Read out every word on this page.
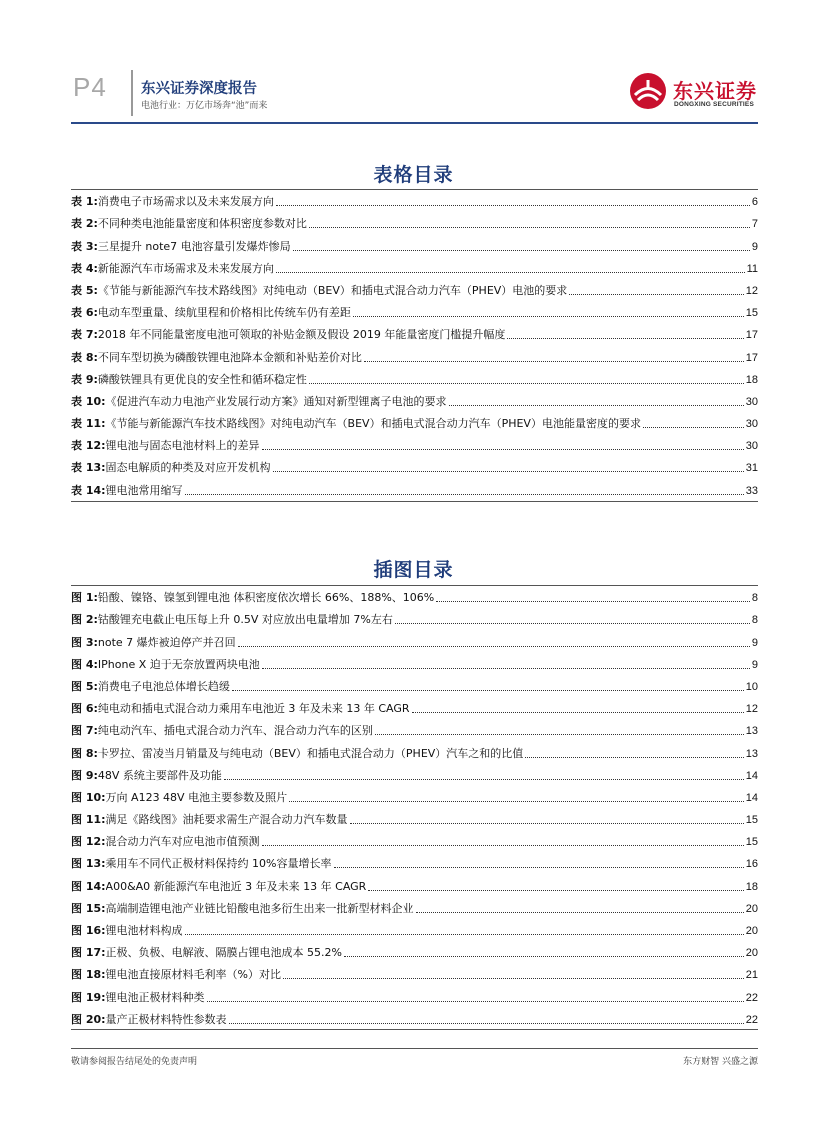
P4 东兴证券深度报告
电池行业：万亿市场奔“池”而来
东兴证券
DONGXING SECURITIES
表格目录
表 1: 消费电子市场需求以及未来发展方向	6
表 2: 不同种类电池能量密度和体积密度参数对比	7
表 3: 三星提升 note7 电池容量引发爆炸惨局	9
表 4: 新能源汽车市场需求及未来发展方向	11
表 5: 《节能与新能源汽车技术路线图》对纯电动（BEV）和插电式混合动力汽车（PHEV）电池的要求	12
表 6: 电动车型重量、续航里程和价格相比传统车仍有差距	15
表 7: 2018 年不同能量密度电池可领取的补贴金额及假设 2019 年能量密度门槛提升幅度	17
表 8: 不同车型切换为磷酸铁锂电池降本金额和补贴差价对比	17
表 9: 磷酸铁锂具有更优良的安全性和循环稳定性	18
表 10: 《促进汽车动力电池产业发展行动方案》通知对新型锂离子电池的要求	30
表 11: 《节能与新能源汽车技术路线图》对纯电动汽车（BEV）和插电式混合动力汽车（PHEV）电池能量密度的要求	30
表 12: 锂电池与固态电池材料上的差异	30
表 13: 固态电解质的种类及对应开发机构	31
表 14: 锂电池常用缩写	33
插图目录
图 1: 铅酸、镍铬、镍氢到锂电池 体积密度依次增长 66%、188%、106%	8
图 2: 钴酸锂充电截止电压每上升 0.5V 对应放出电量增加 7%左右	8
图 3: note 7 爆炸被迫停产并召回	9
图 4: IPhone X 迫于无奈放置两块电池	9
图 5: 消费电子电池总体增长趋缓	10
图 6: 纯电动和插电式混合动力乘用车电池近 3 年及未来 13 年 CAGR	12
图 7: 纯电动汽车、插电式混合动力汽车、混合动力汽车的区别	13
图 8: 卡罗拉、雷凌当月销量及与纯电动（BEV）和插电式混合动力（PHEV）汽车之和的比值	13
图 9: 48V 系统主要部件及功能	14
图 10: 万向 A123 48V 电池主要参数及照片	14
图 11: 满足《路线图》油耗要求需生产混合动力汽车数量	15
图 12: 混合动力汽车对应电池市值预测	15
图 13: 乘用车不同代正极材料保持约 10%容量增长率	16
图 14: A00&A0 新能源汽车电池近 3 年及未来 13 年 CAGR	18
图 15: 高端制造锂电池产业链比铅酸电池多衍生出来一批新型材料企业	20
图 16: 锂电池材料构成	20
图 17: 正极、负极、电解液、隔膜占锂电池成本 55.2%	20
图 18: 锂电池直接原材料毛利率（%）对比	21
图 19: 锂电池正极材料种类	22
图 20: 量产正极材料特性参数表	22
敬请参阅报告结尾处的免责声明	东方财智 兴盛之源
